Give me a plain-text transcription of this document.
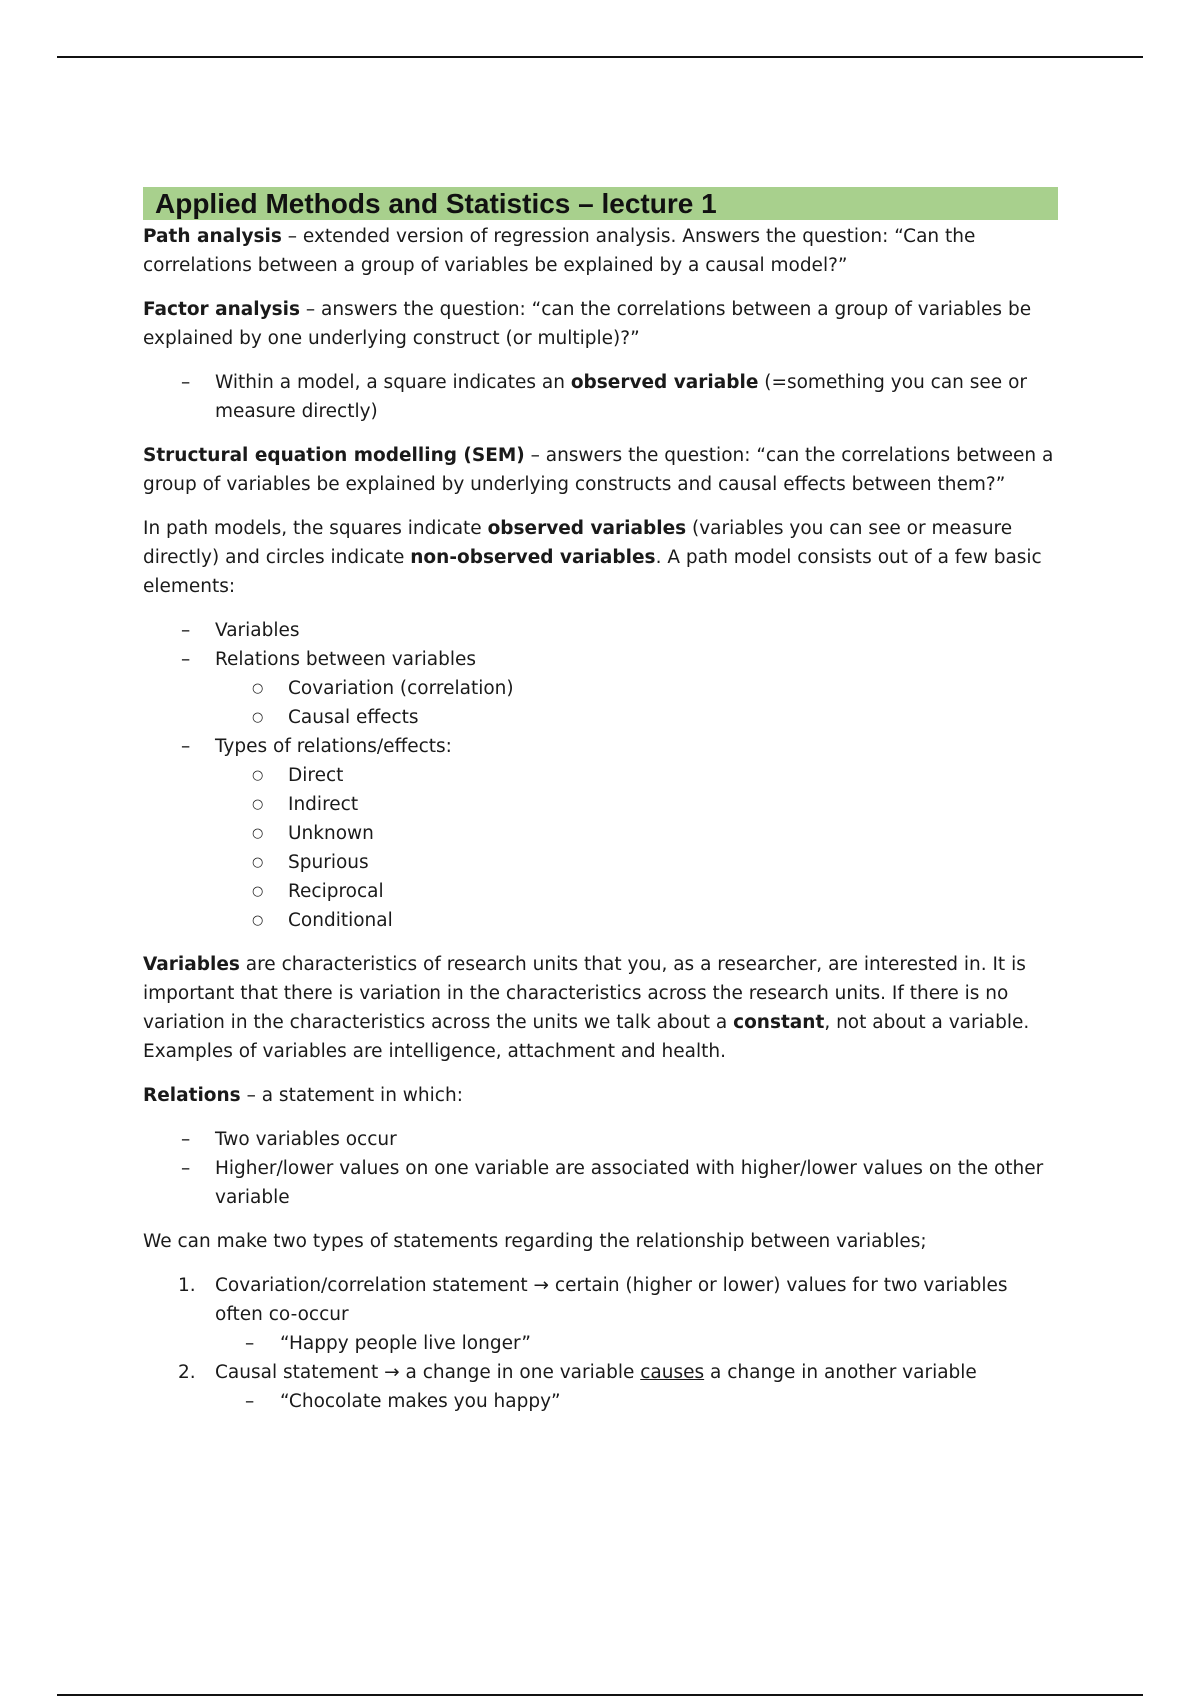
Applied Methods and Statistics – lecture 1

Path analysis – extended version of regression analysis. Answers the question: “Can the correlations between a group of variables be explained by a causal model?”

Factor analysis – answers the question: “can the correlations between a group of variables be explained by one underlying construct (or multiple)?”

– Within a model, a square indicates an observed variable (=something you can see or measure directly)

Structural equation modelling (SEM) – answers the question: “can the correlations between a group of variables be explained by underlying constructs and causal effects between them?”

In path models, the squares indicate observed variables (variables you can see or measure directly) and circles indicate non-observed variables. A path model consists out of a few basic elements:

– Variables
– Relations between variables
○ Covariation (correlation)
○ Causal effects
– Types of relations/effects:
○ Direct
○ Indirect
○ Unknown
○ Spurious
○ Reciprocal
○ Conditional

Variables are characteristics of research units that you, as a researcher, are interested in. It is important that there is variation in the characteristics across the research units. If there is no variation in the characteristics across the units we talk about a constant, not about a variable. Examples of variables are intelligence, attachment and health.

Relations – a statement in which:

– Two variables occur
– Higher/lower values on one variable are associated with higher/lower values on the other variable

We can make two types of statements regarding the relationship between variables;

1. Covariation/correlation statement → certain (higher or lower) values for two variables often co-occur
– “Happy people live longer”
2. Causal statement → a change in one variable causes a change in another variable
– “Chocolate makes you happy”
